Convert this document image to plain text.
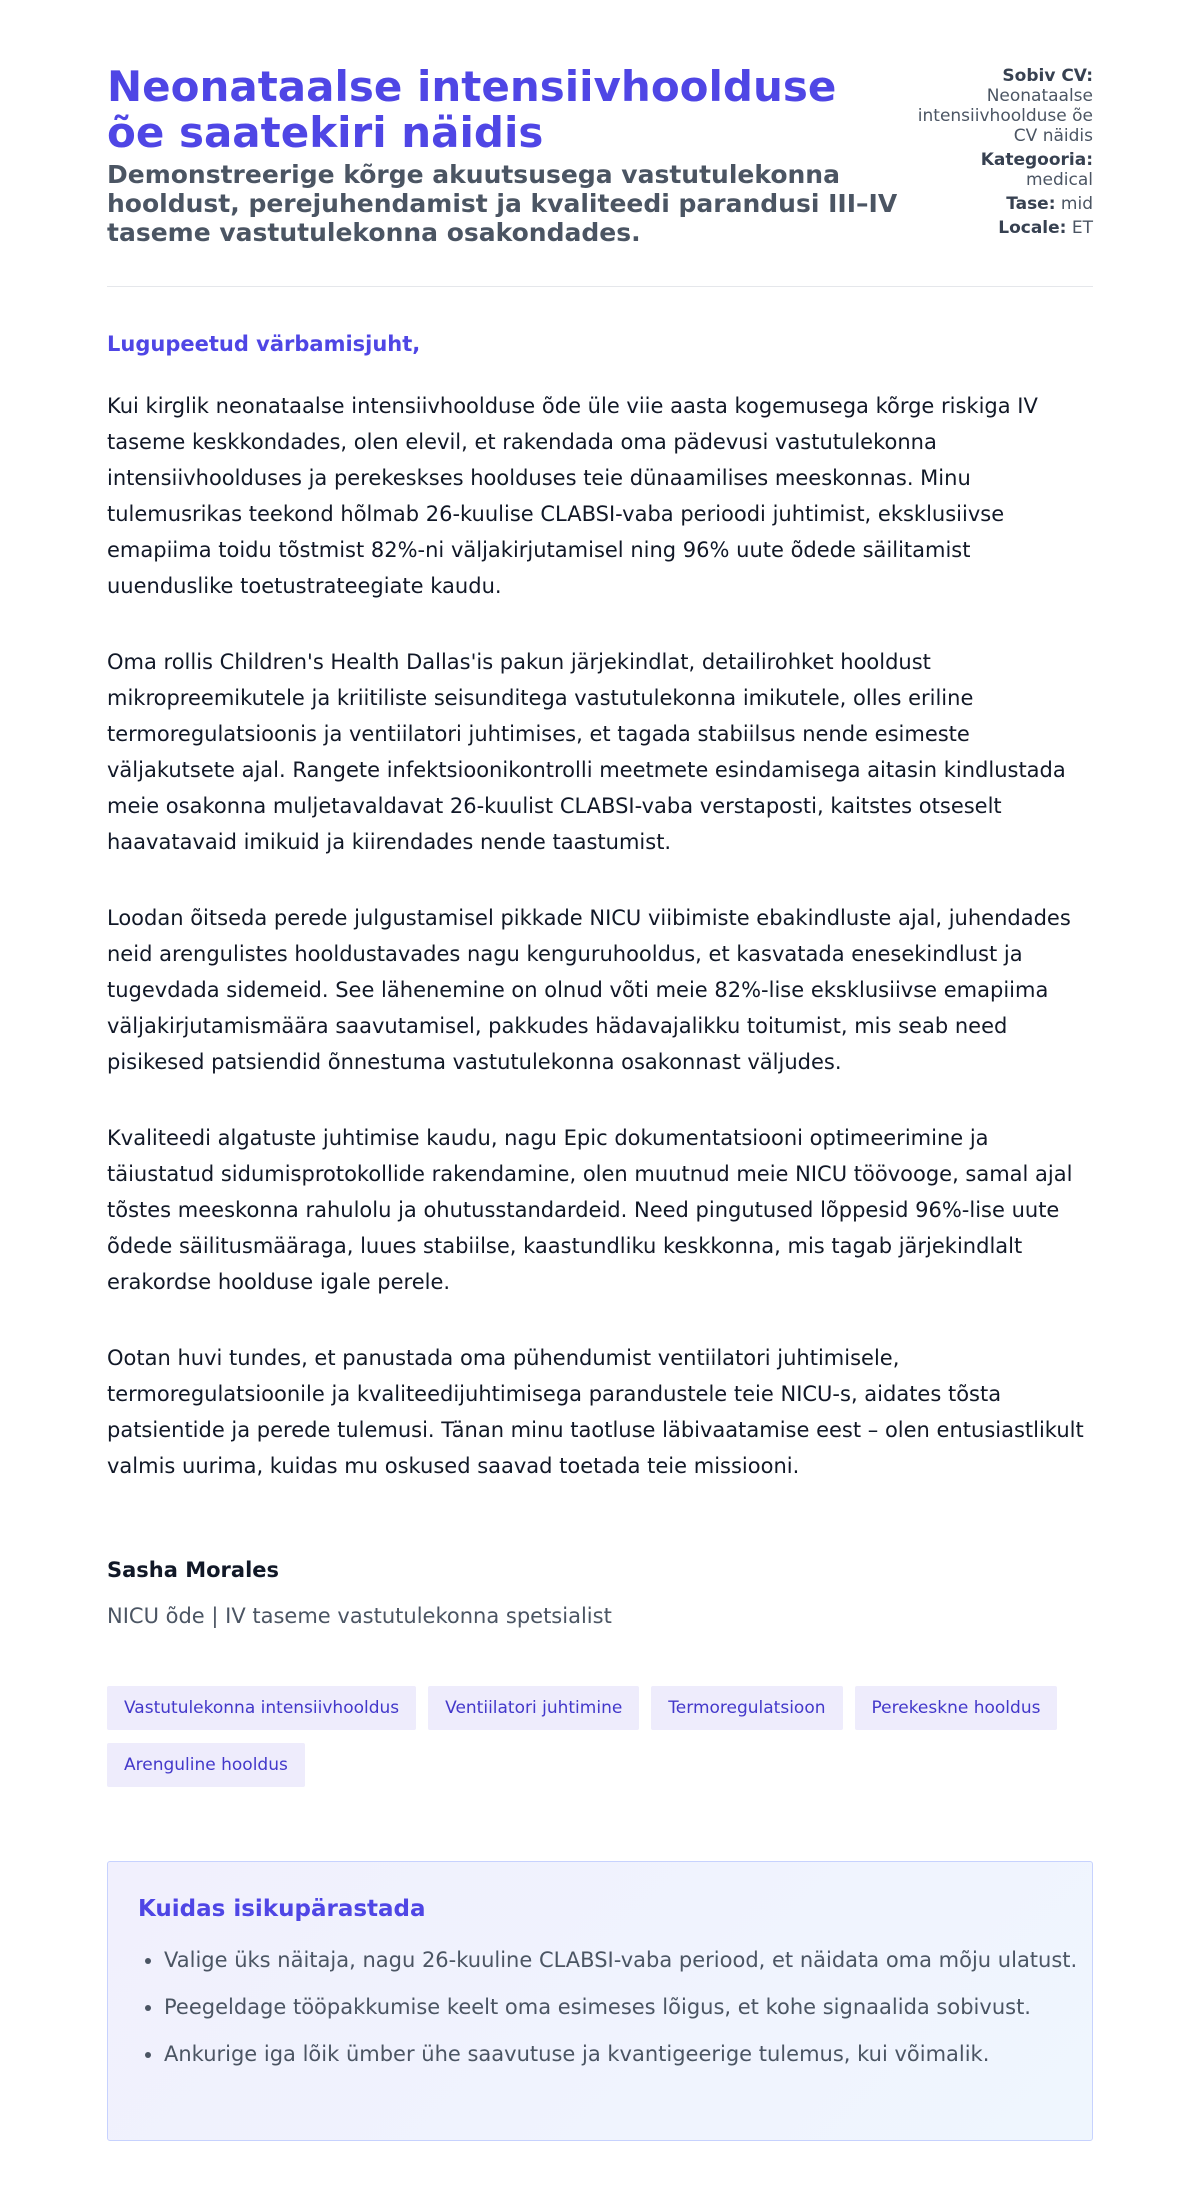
Neonataalse intensiivhoolduse õe saatekiri näidis

Demonstreerige kõrge akuutsusega vastutulekonna hooldust, perejuhendamist ja kvaliteedi parandusi III–IV taseme vastutulekonna osakondades.

Sobiv CV: Neonataalse intensiivhoolduse õe CV näidis
Kategooria: medical
Tase: mid
Locale: ET
Lugupeetud värbamisjuht,

Kui kirglik neonataalse intensiivhoolduse õde üle viie aasta kogemusega kõrge riskiga IV taseme keskkondades, olen elevil, et rakendada oma pädevusi vastutulekonna intensiivhoolduses ja perekeskses hoolduses teie dünaamilises meeskonnas. Minu tulemusrikas teekond hõlmab 26-kuulise CLABSI-vaba perioodi juhtimist, eksklusiivse emapiima toidu tõstmist 82%-ni väljakirjutamisel ning 96% uute õdede säilitamist uuenduslike toetustrateegiate kaudu.

Oma rollis Children's Health Dallas'is pakun järjekindlat, detailirohket hooldust mikropreemikutele ja kriitiliste seisunditega vastutulekonna imikutele, olles eriline termoregulatsioonis ja ventiilatori juhtimises, et tagada stabiilsus nende esimeste väljakutsete ajal. Rangete infektsioonikontrolli meetmete esindamisega aitasin kindlustada meie osakonna muljetavaldavat 26-kuulist CLABSI-vaba verstaposti, kaitstes otseselt haavatavaid imikuid ja kiirendades nende taastumist.

Loodan õitseda perede julgustamisel pikkade NICU viibimiste ebakindluste ajal, juhendades neid arengulistes hooldustavades nagu kenguruhooldus, et kasvatada enesekindlust ja tugevdada sidemeid. See lähenemine on olnud võti meie 82%-lise eksklusiivse emapiima väljakirjutamismäära saavutamisel, pakkudes hädavajalikku toitumist, mis seab need pisikesed patsiendid õnnestuma vastutulekonna osakonnast väljudes.

Kvaliteedi algatuste juhtimise kaudu, nagu Epic dokumentatsiooni optimeerimine ja täiustatud sidumisprotokollide rakendamine, olen muutnud meie NICU töövooge, samal ajal tõstes meeskonna rahulolu ja ohutusstandardeid. Need pingutused lõppesid 96%-lise uute õdede säilitusmääraga, luues stabiilse, kaastundliku keskkonna, mis tagab järjekindlalt erakordse hoolduse igale perele.

Ootan huvi tundes, et panustada oma pühendumist ventiilatori juhtimisele, termoregulatsioonile ja kvaliteedijuhtimisega parandustele teie NICU-s, aidates tõsta patsientide ja perede tulemusi. Tänan minu taotluse läbivaatamise eest – olen entusiastlikult valmis uurima, kuidas mu oskused saavad toetada teie missiooni.

Sasha Morales
NICU õde | IV taseme vastutulekonna spetsialist
Vastutulekonna intensiivhooldus	Ventiilatori juhtimine	Termoregulatsioon	Perekeskne hooldus
Arenguline hooldus
Kuidas isikupärastada
• Valige üks näitaja, nagu 26-kuuline CLABSI-vaba periood, et näidata oma mõju ulatust.
• Peegeldage tööpakkumise keelt oma esimeses lõigus, et kohe signaalida sobivust.
• Ankurige iga lõik ümber ühe saavutuse ja kvantigeerige tulemus, kui võimalik.
